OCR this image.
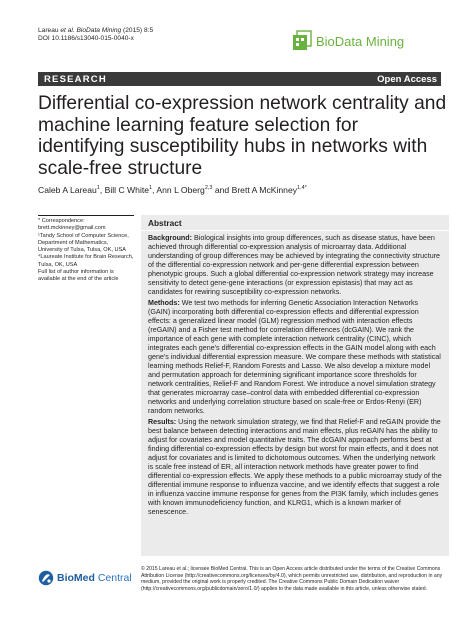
Lareau et al. BioData Mining (2015) 8:5
DOI 10.1186/s13040-015-0040-x	BioData Mining
RESEARCH	Open Access
Differential co-expression network centrality and machine learning feature selection for identifying susceptibility hubs in networks with scale-free structure
Caleb A Lareau$^1$, Bill C White$^1$, Ann L Oberg$^{2,3}$ and Brett A McKinney$^{1,4*}$

* Correspondence:

brett.mckinney@gmail.com

¹Tandy School of Computer Science, Department of Mathematics, University of Tulsa, Tulsa, OK, USA

⁴Laureate Institute for Brain Research, Tulsa, OK, USA

Full list of author information is available at the end of the article

Abstract

Background: Biological insights into group differences, such as disease status, have been achieved through differential co-expression analysis of microarray data. Additional understanding of group differences may be achieved by integrating the connectivity structure of the differential co-expression network and per-gene differential expression between phenotypic groups. Such a global differential co-expression network strategy may increase sensitivity to detect gene-gene interactions (or expression epistasis) that may act as candidates for rewiring susceptibility co-expression networks.

Methods: We test two methods for inferring Genetic Association Interaction Networks (GAIN) incorporating both differential co-expression effects and differential expression effects: a generalized linear model (GLM) regression method with interaction effects (reGAIN) and a Fisher test method for correlation differences (dcGAIN). We rank the importance of each gene with complete interaction network centrality (CINC), which integrates each gene's differential co-expression effects in the GAIN model along with each gene's individual differential expression measure. We compare these methods with statistical learning methods Relief-F, Random Forests and Lasso. We also develop a mixture model and permutation approach for determining significant importance score thresholds for network centralities, Relief-F and Random Forest. We introduce a novel simulation strategy that generates microarray case–control data with embedded differential co-expression networks and underlying correlation structure based on scale-free or Erdos-Renyi (ER) random networks.

Results: Using the network simulation strategy, we find that Relief-F and reGAIN provide the best balance between detecting interactions and main effects, plus reGAIN has the ability to adjust for covariates and model quantitative traits. The dcGAIN approach performs best at finding differential co-expression effects by design but worst for main effects, and it does not adjust for covariates and is limited to dichotomous outcomes. When the underlying network is scale free instead of ER, all interaction network methods have greater power to find differential co-expression effects. We apply these methods to a public microarray study of the differential immune response to influenza vaccine, and we identify effects that suggest a role in influenza vaccine immune response for genes from the PI3K family, which includes genes with known immunodeficiency function, and KLRG1, which is a known marker of senescence.

BioMed Central
© 2015 Lareau et al.; licensee BioMed Central. This is an Open Access article distributed under the terms of the Creative Commons Attribution License (http://creativecommons.org/licenses/by/4.0), which permits unrestricted use, distribution, and reproduction in any medium, provided the original work is properly credited. The Creative Commons Public Domain Dedication waiver (http://creativecommons.org/publicdomain/zero/1.0/) applies to the data made available in this article, unless otherwise stated.
